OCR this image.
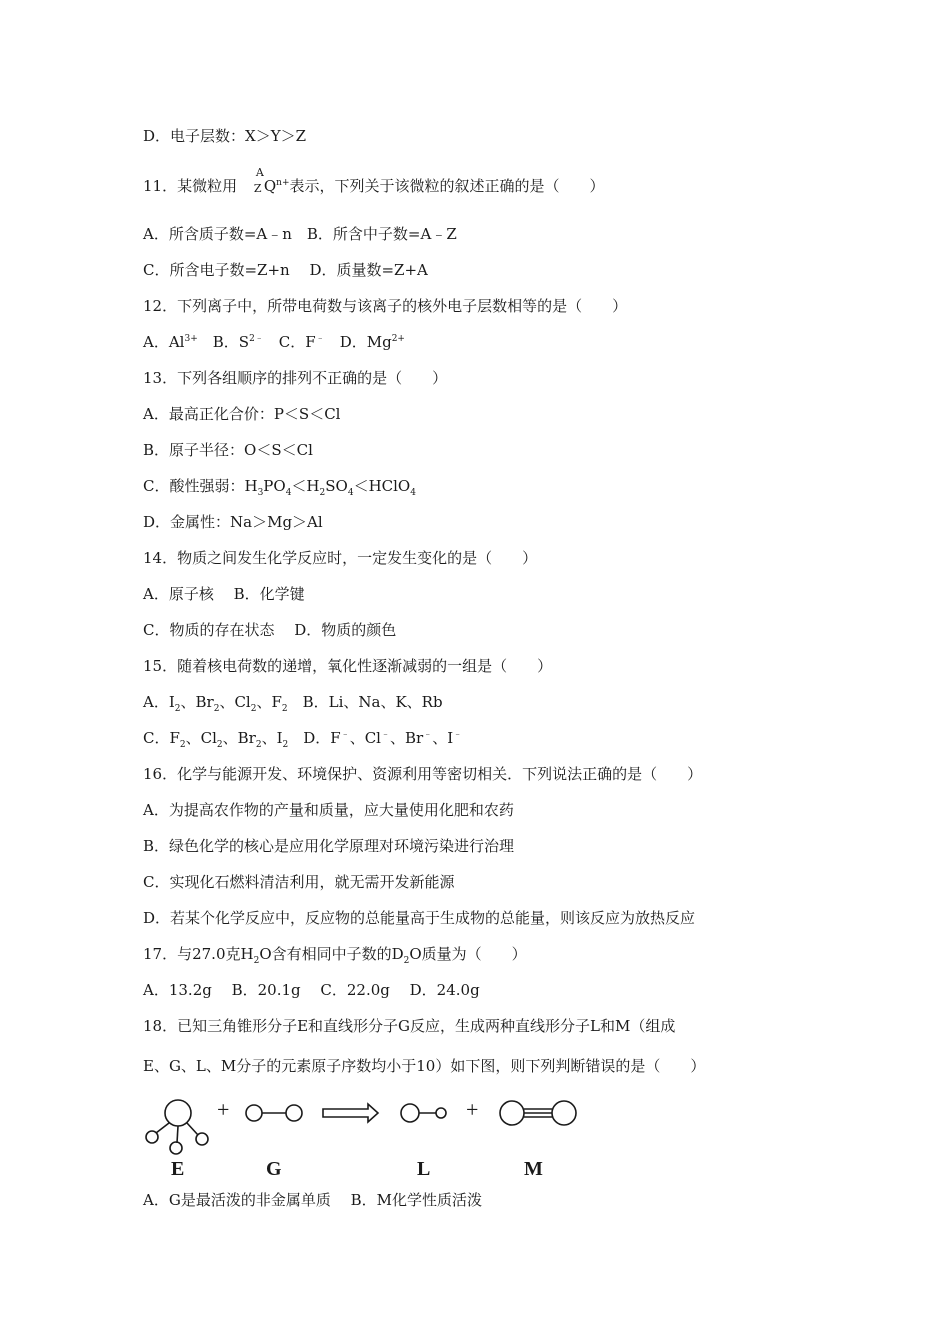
D．电子层数：X＞Y＞Z
11．某微粒用
A
Z $Q^{n+}$表示，下列关于该微粒的叙述正确的是（　　）
A．所含质子数=A﹣n　B．所含中子数=A﹣Z
C．所含电子数=Z+n　 D．质量数=Z+A
12．下列离子中，所带电荷数与该离子的核外电子层数相等的是（　　）
A．$Al^{3+}$　B．$S^{2﹣}$　C．F﹣　D．$Mg^{2+}$
13．下列各组顺序的排列不正确的是（　　）
A．最高正化合价：P＜S＜Cl
B．原子半径：O＜S＜Cl
C．酸性强弱：$H_3PO_4<H_2SO_4<HClO_4$
D．金属性：Na＞Mg＞Al
14．物质之间发生化学反应时，一定发生变化的是（　　）
A．原子核　 B．化学键
C．物质的存在状态　 D．物质的颜色
15．随着核电荷数的递增，氧化性逐渐减弱的一组是（　　）
A．$I_2$、$Br_2$、$Cl_2$、$F_2$　B．Li、Na、K、Rb
C．$F_2$、$Cl_2$、$Br_2$、$I_2$　D．F﹣、Cl﹣、Br﹣、I﹣
16．化学与能源开发、环境保护、资源利用等密切相关．下列说法正确的是（　　）
A．为提高农作物的产量和质量，应大量使用化肥和农药
B．绿色化学的核心是应用化学原理对环境污染进行治理
C．实现化石燃料清洁利用，就无需开发新能源
D．若某个化学反应中，反应物的总能量高于生成物的总能量，则该反应为放热反应
17．与27.0克$H_2O$含有相同中子数的$D_2O$质量为（　　）
A．13.2g　 B．20.1g　 C．22.0g　 D．24.0g
18．已知三角锥形分子E和直线形分子G反应，生成两种直线形分子L和M（组成
E、G、L、M分子的元素原子序数均小于10）如下图，则下列判断错误的是（　　）
+	+
E	G	L	M
A．G是最活泼的非金属单质　 B．M化学性质活泼
